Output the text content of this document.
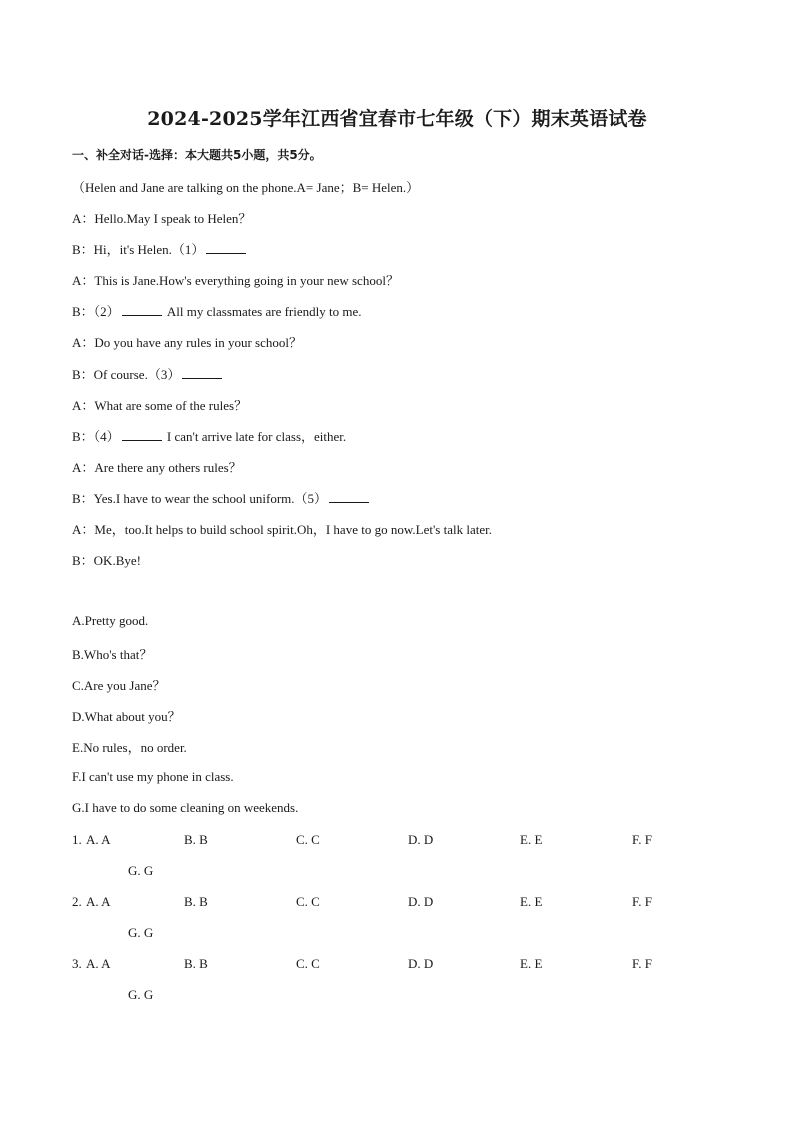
2024-2025学年江西省宜春市七年级（下）期末英语试卷
一、补全对话-选择：本大题共5小题，共5分。
（Helen and Jane are talking on the phone.A= Jane；B= Helen.）
A：Hello.May I speak to Helen？
B：Hi，it's Helen.（1）
A：This is Jane.How's everything going in your new school？
B：（2）	All my classmates are friendly to me.
A：Do you have any rules in your school？
B：Of course.（3）
A：What are some of the rules？
B：（4）	I can't arrive late for class，either.
A：Are there any others rules？
B：Yes.I have to wear the school uniform.（5）
A：Me，too.It helps to build school spirit.Oh，I have to go now.Let's talk later.
B：OK.Bye!
A.Pretty good.
B.Who's that？
C.Are you Jane？
D.What about you？
E.No rules，no order.
F.I can't use my phone in class.
G.I have to do some cleaning on weekends.
1. A. A	B. B	C. C	D. D	E. E	F. F
G. G
2. A. A	B. B	C. C	D. D	E. E	F. F
G. G
3. A. A	B. B	C. C	D. D	E. E	F. F
G. G
